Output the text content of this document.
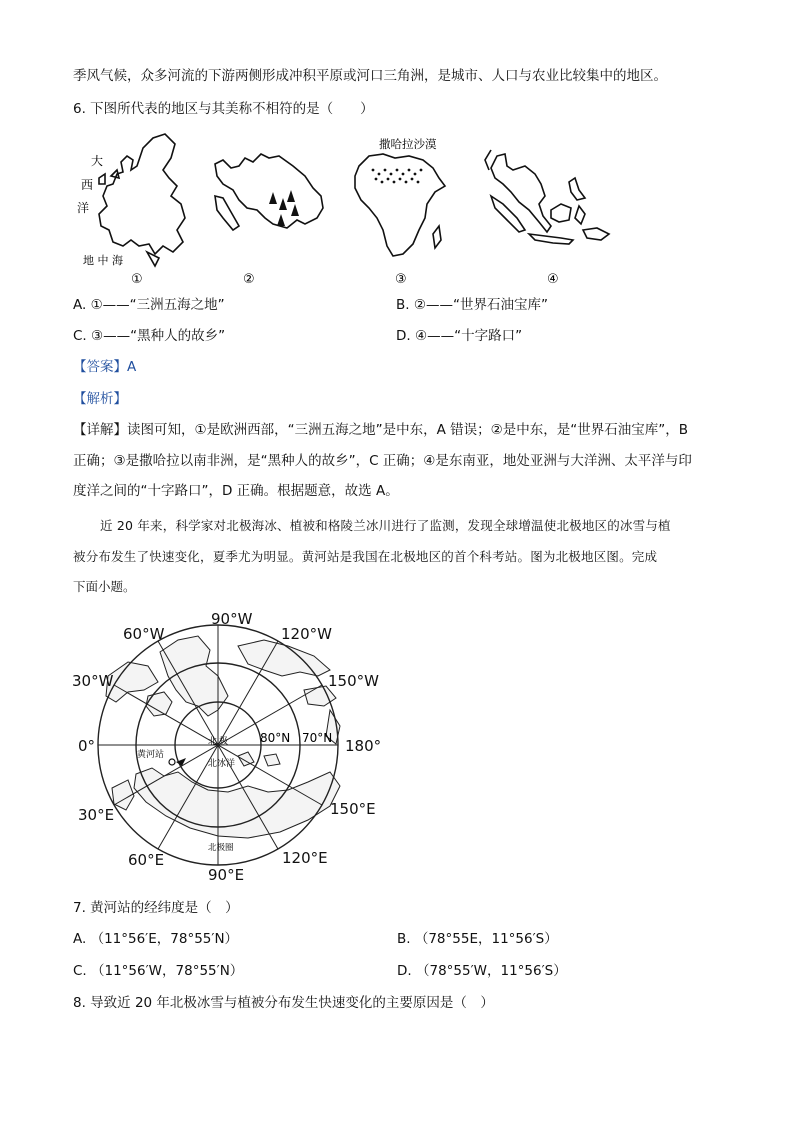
季风气候，众多河流的下游两侧形成冲积平原或河口三角洲，是城市、人口与农业比较集中的地区。
6. 下图所代表的地区与其美称不相符的是（　　）
大
西
洋
地 中 海
①	②
撒哈拉沙漠
③	④
A. ①——“三洲五海之地”	B. ②——“世界石油宝库”
C. ③——“黑种人的故乡”	D. ④——“十字路口”
【答案】A
【解析】
【详解】读图可知，①是欧洲西部，“三洲五海之地”是中东，A 错误；②是中东，是“世界石油宝库”，B
正确；③是撒哈拉以南非洲，是“黑种人的故乡”，C 正确；④是东南亚，地处亚洲与大洋洲、太平洋与印
度洋之间的“十字路口”，D 正确。根据题意，故选 A。
近 20 年来，科学家对北极海冰、植被和格陵兰冰川进行了监测，发现全球增温使北极地区的冰雪与植
被分布发生了快速变化，夏季尤为明显。黄河站是我国在北极地区的首个科考站。图为北极地区图。完成
下面小题。
黄河站
北 极
北冰洋
北极圈
80°N 70°N
90°W
60°W	120°W
30°W	150°W
0°	180°
30°E	150°E
60°E	120°E
90°E
7. 黄河站的经纬度是（　）
A. （11°56′E，78°55′N）	B. （78°55E，11°56′S）
C. （11°56′W，78°55′N）	D. （78°55′W，11°56′S）
8. 导致近 20 年北极冰雪与植被分布发生快速变化的主要原因是（　）
